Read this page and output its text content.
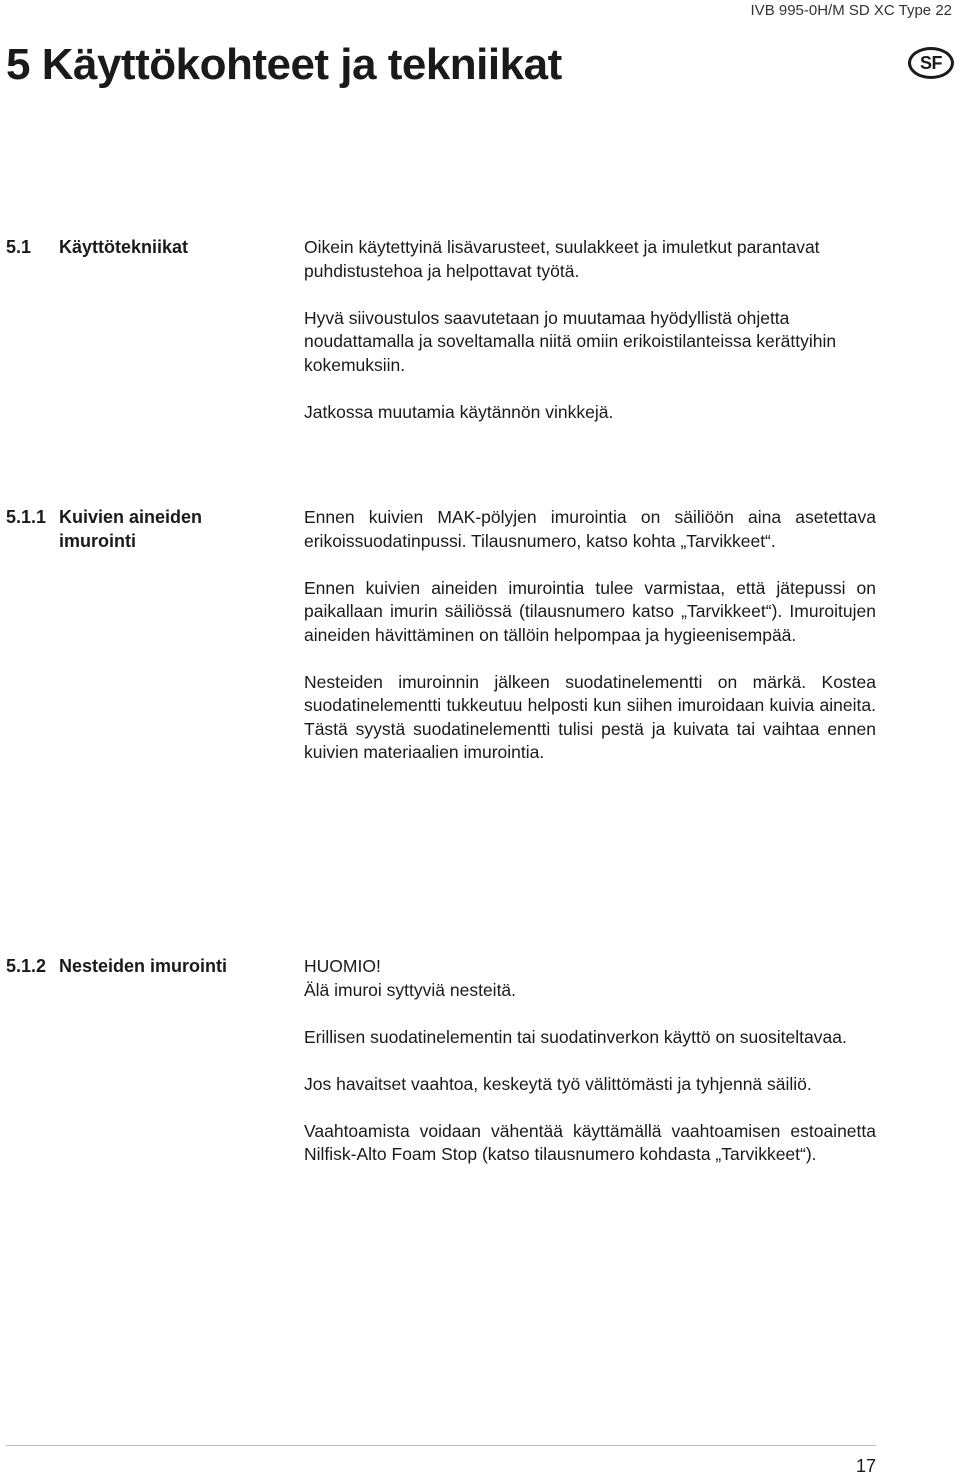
IVB 995-0H/M SD XC Type 22
5 Käyttökohteet ja tekniikat	SF
5.1 Käyttötekniikat	Oikein käytettyinä lisävarusteet, suulakkeet ja imuletkut parantavat puhdistustehoa ja helpottavat työtä.

Hyvä siivoustulos saavutetaan jo muutamaa hyödyllistä ohjetta noudattamalla ja soveltamalla niitä omiin erikoistilanteissa kerättyihin kokemuksiin.

Jatkossa muutamia käytännön vinkkejä.

5.1.1 Kuivien aineiden imurointi

Ennen kuivien MAK-pölyjen imurointia on säiliöön aina asetettava erikoissuodatinpussi. Tilausnumero, katso kohta „Tarvikkeet“.

Ennen kuivien aineiden imurointia tulee varmistaa, että jätepussi on paikallaan imurin säiliössä (tilausnumero katso „Tarvikkeet“). Imuroitujen aineiden hävittäminen on tällöin helpompaa ja hygieenisempää.

Nesteiden imuroinnin jälkeen suodatinelementti on märkä. Kostea suodatinelementti tukkeutuu helposti kun siihen imuroidaan kuivia aineita. Tästä syystä suodatinelementti tulisi pestä ja kuivata tai vaihtaa ennen kuivien materiaalien imurointia.

5.1.2 Nesteiden imurointi	HUOMIO!
Älä imuroi syttyviä nesteitä.

Erillisen suodatinelementin tai suodatinverkon käyttö on suositeltavaa.

Jos havaitset vaahtoa, keskeytä työ välittömästi ja tyhjennä säiliö.

Vaahtoamista voidaan vähentää käyttämällä vaahtoamisen estoainetta Nilfisk-Alto Foam Stop (katso tilausnumero kohdasta „Tarvikkeet“).

17
